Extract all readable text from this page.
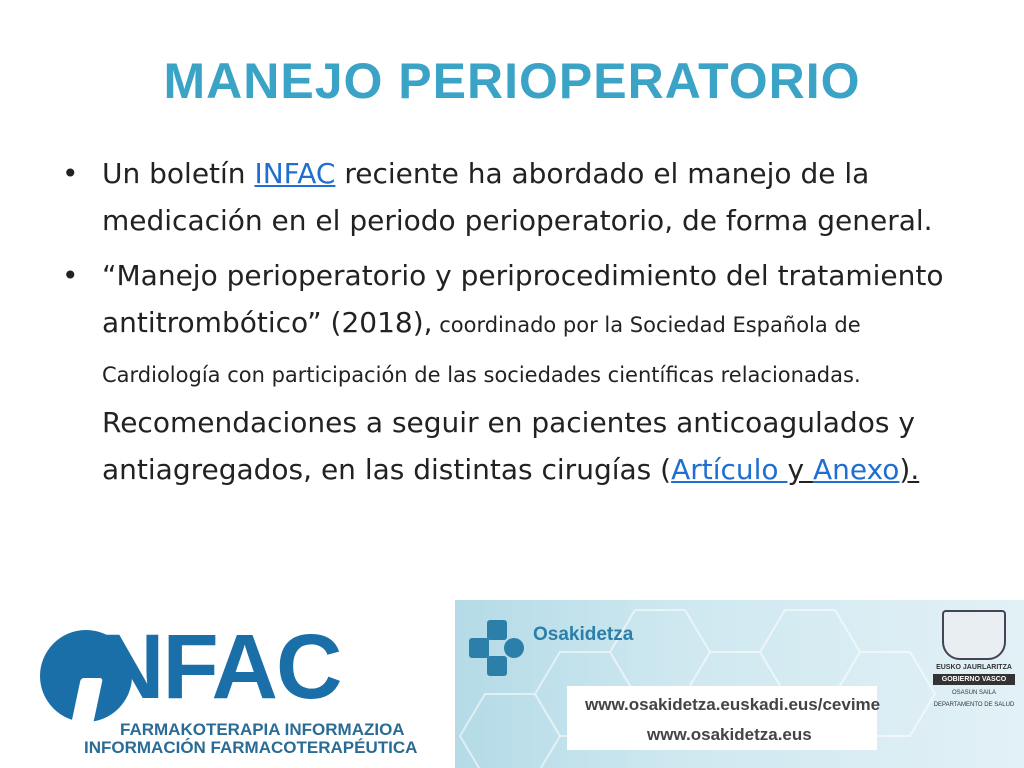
MANEJO PERIOPERATORIO
• Un boletín INFAC reciente ha abordado el manejo de la medicación en el periodo perioperatorio, de forma general.
• “Manejo perioperatorio y periprocedimiento del tratamiento antitrombótico” (2018), coordinado por la Sociedad Española de Cardiología con participación de las sociedades científicas relacionadas. Recomendaciones a seguir en pacientes anticoagulados y antiagregados, en las distintas cirugías (Artículo y Anexo).
NFAC
FARMAKOTERAPIA INFORMAZIOA
INFORMACIÓN FARMACOTERAPÉUTICA
Osakidetza
EUSKO JAURLARITZA
GOBIERNO VASCO
OSASUN SAILA
DEPARTAMENTO DE SALUD
www.osakidetza.euskadi.eus/cevime
www.osakidetza.eus
